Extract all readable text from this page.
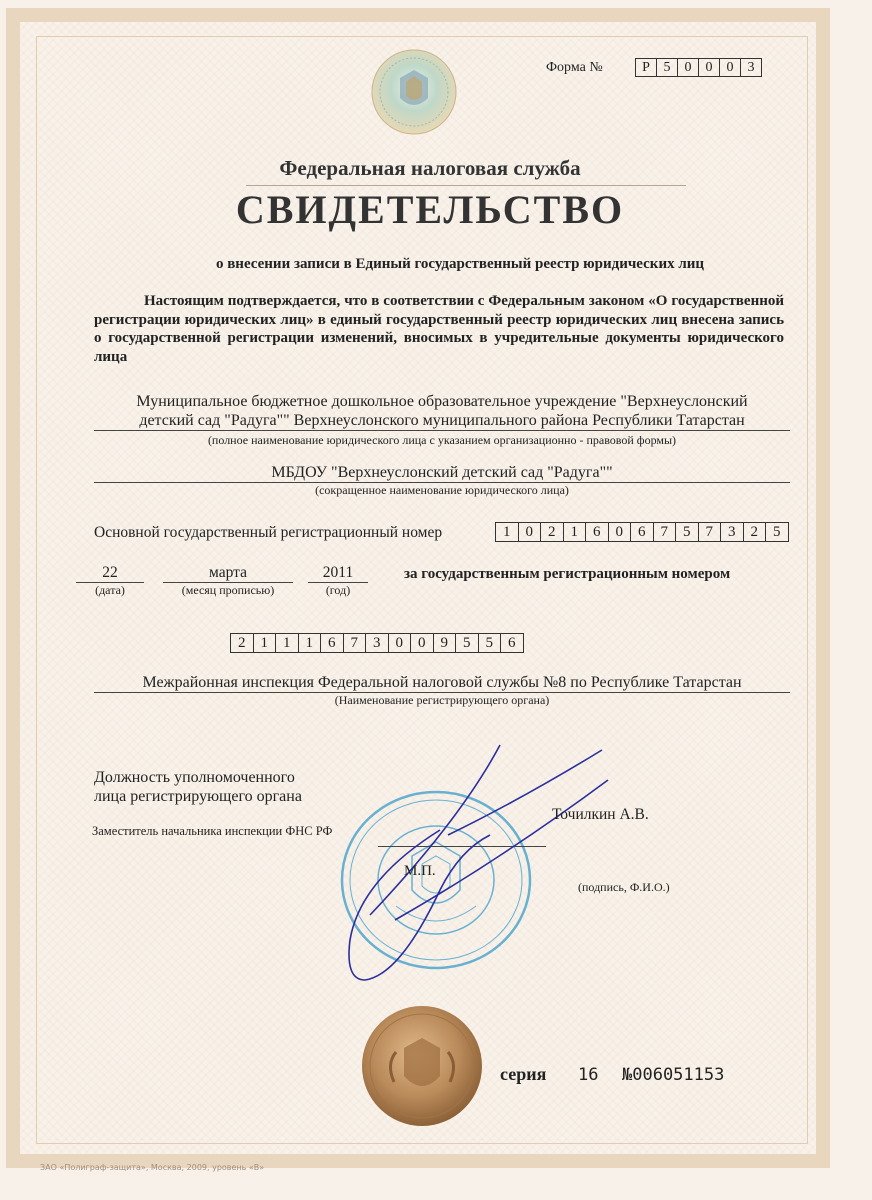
Форма №	Р 5	0	0	0	3
Федеральная налоговая служба
СВИДЕТЕЛЬСТВО
о внесении записи в Единый государственный реестр юридических лиц
Настоящим подтверждается, что в соответствии с Федеральным законом «О государственной регистрации юридических лиц» в единый государственный реестр юридических лиц внесена запись о государственной регистрации изменений, вносимых в учредительные документы юридического лица
Муниципальное бюджетное дошкольное образовательное учреждение "Верхнеуслонский
детский сад "Радуга"" Верхнеуслонского муниципального района Республики Татарстан
(полное наименование юридического лица с указанием организационно - правовой формы)
МБДОУ "Верхнеуслонский детский сад "Радуга""
(сокращенное наименование юридического лица)
Основной государственный регистрационный номер	1	0	2	1	6	0	6	7	5	7	3	2	5
22
(дата)
марта
(месяц прописью)
2011
(год)
за государственным регистрационным номером
2	1	1	1	6	7	3	0	0	9	5	5	6
Межрайонная инспекция Федеральной налоговой службы №8 по Республике Татарстан
(Наименование регистрирующего органа)
Должность уполномоченного
лица регистрирующего органа
Заместитель начальника инспекции ФНС РФ
Точилкин А.В.
М.П.
(подпись, Ф.И.О.)
серия 16 №006051153
ЗАО «Полиграф-защита», Москва, 2009, уровень «В»
